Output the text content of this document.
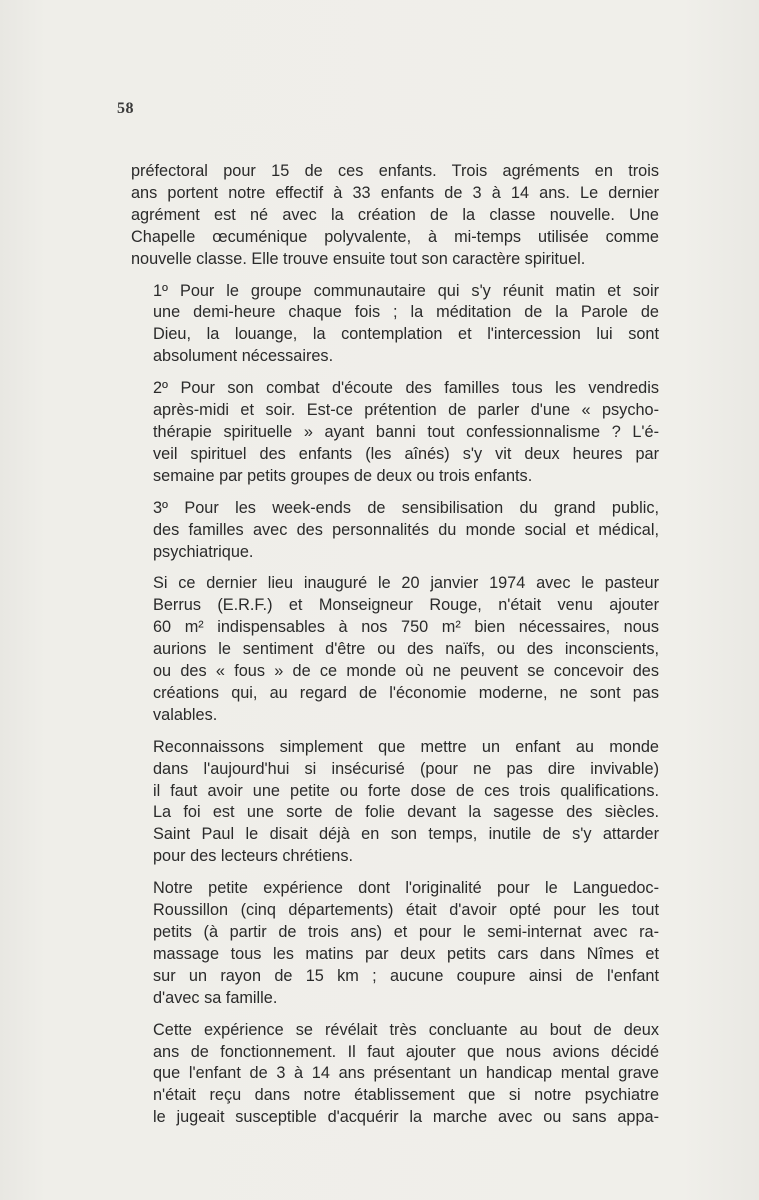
58

préfectoral pour 15 de ces enfants. Trois agréments en trois
ans portent notre effectif à 33 enfants de 3 à 14 ans. Le dernier
agrément est né avec la création de la classe nouvelle. Une
Chapelle œcuménique polyvalente, à mi-temps utilisée comme
nouvelle classe. Elle trouve ensuite tout son caractère spirituel.

1º Pour le groupe communautaire qui s'y réunit matin et soir
une demi-heure chaque fois ; la méditation de la Parole de
Dieu, la louange, la contemplation et l'intercession lui sont
absolument nécessaires.

2º Pour son combat d'écoute des familles tous les vendredis
après-midi et soir. Est-ce prétention de parler d'une « psycho-
thérapie spirituelle » ayant banni tout confessionnalisme ? L'é-
veil spirituel des enfants (les aînés) s'y vit deux heures par
semaine par petits groupes de deux ou trois enfants.

3º Pour les week-ends de sensibilisation du grand public,
des familles avec des personnalités du monde social et médical,
psychiatrique.

Si ce dernier lieu inauguré le 20 janvier 1974 avec le pasteur
Berrus (E.R.F.) et Monseigneur Rouge, n'était venu ajouter
60 m² indispensables à nos 750 m² bien nécessaires, nous
aurions le sentiment d'être ou des naïfs, ou des inconscients,
ou des « fous » de ce monde où ne peuvent se concevoir des
créations qui, au regard de l'économie moderne, ne sont pas
valables.

Reconnaissons simplement que mettre un enfant au monde
dans l'aujourd'hui si insécurisé (pour ne pas dire invivable)
il faut avoir une petite ou forte dose de ces trois qualifications.
La foi est une sorte de folie devant la sagesse des siècles.
Saint Paul le disait déjà en son temps, inutile de s'y attarder
pour des lecteurs chrétiens.

Notre petite expérience dont l'originalité pour le Languedoc-
Roussillon (cinq départements) était d'avoir opté pour les tout
petits (à partir de trois ans) et pour le semi-internat avec ra-
massage tous les matins par deux petits cars dans Nîmes et
sur un rayon de 15 km ; aucune coupure ainsi de l'enfant
d'avec sa famille.

Cette expérience se révélait très concluante au bout de deux
ans de fonctionnement. Il faut ajouter que nous avions décidé
que l'enfant de 3 à 14 ans présentant un handicap mental grave
n'était reçu dans notre établissement que si notre psychiatre
le jugeait susceptible d'acquérir la marche avec ou sans appa-
